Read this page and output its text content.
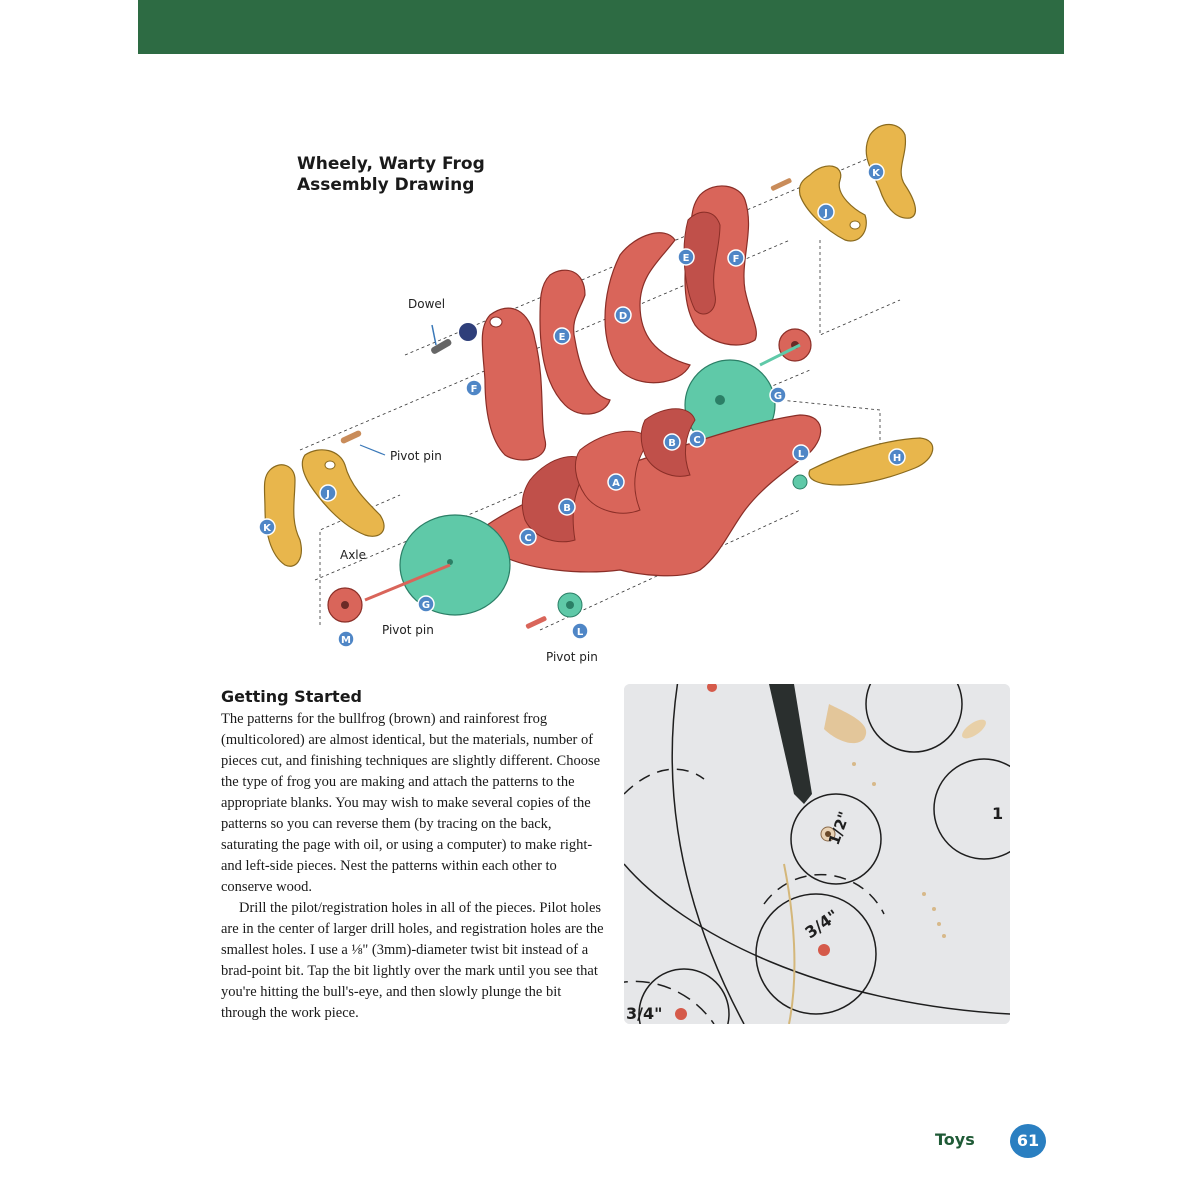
Wheely, Warty Frog
Assembly Drawing
Dowel
Pivot pin
Axle
Pivot pin
Pivot pin
K
J
F
E
D
E
F
G
L	H
B C
A
B
C
J
K
G
M
L
Getting Started

The patterns for the bullfrog (brown) and rainforest frog (multicolored) are almost identical, but the materials, number of pieces cut, and finishing techniques are slightly different. Choose the type of frog you are making and attach the patterns to the appropriate blanks. You may wish to make several copies of the patterns so you can reverse them (by tracing on the back, saturating the page with oil, or using a computer) to make right- and left-side pieces. Nest the patterns within each other to conserve wood.

Drill the pilot/registration holes in all of the pieces. Pilot holes are in the center of larger drill holes, and registration holes are the smallest holes. I use a ⅛" (3mm)-diameter twist bit instead of a brad-point bit. Tap the bit lightly over the mark until you see that you're hitting the bull's-eye, and then slowly plunge the bit through the work piece.

1/2"
3/4"
3/4"
1
Toys	61
